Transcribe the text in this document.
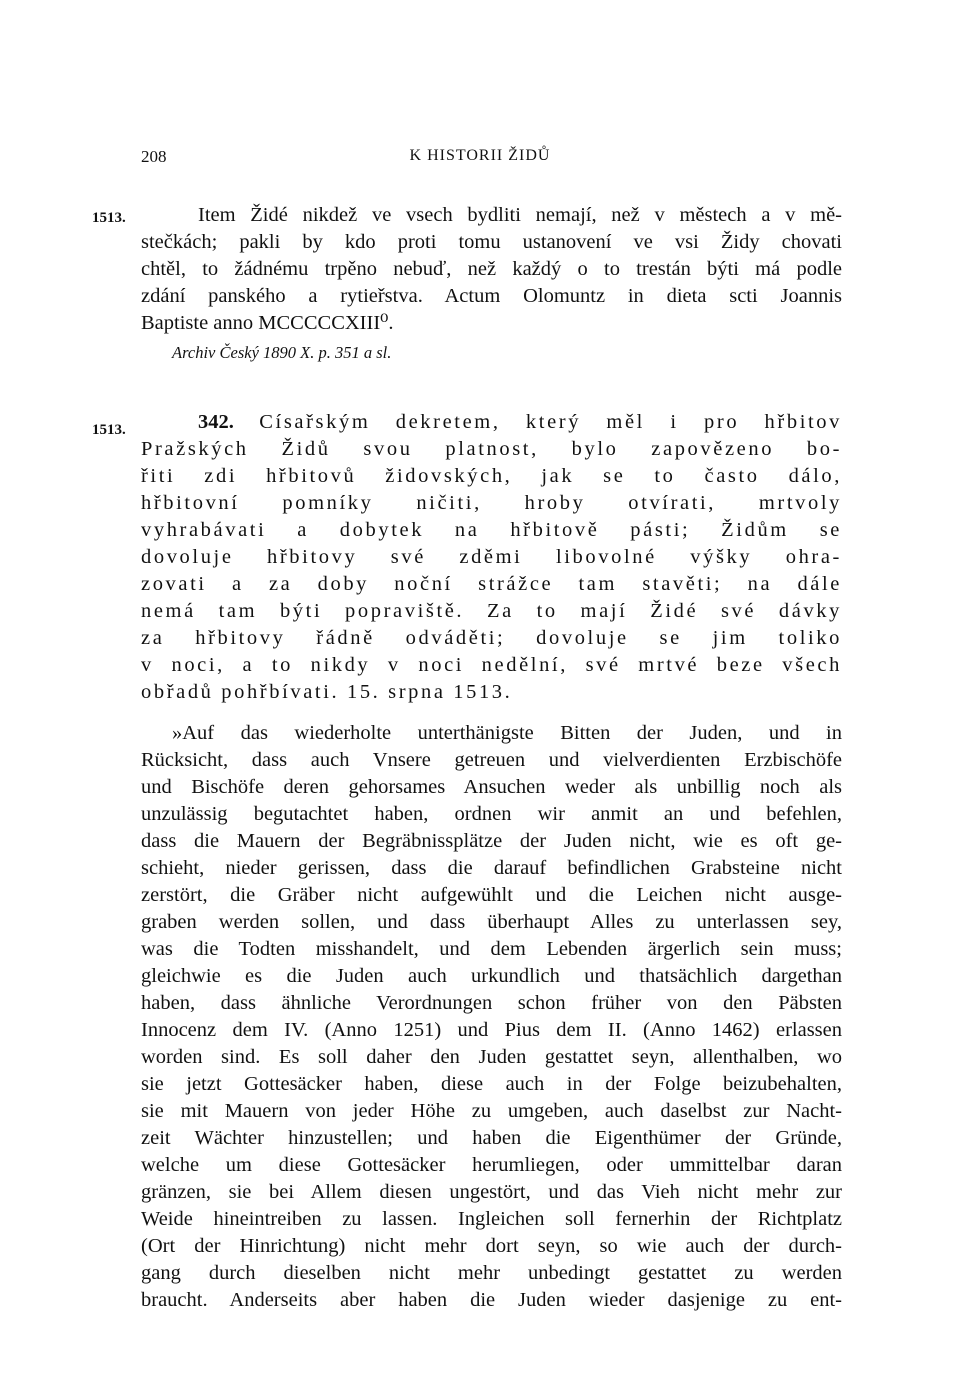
208	K HISTORII ŽIDŮ
1513.	Item Židé nikdež ve vsech bydliti nemají, než v městech a v mě-
stečkách; pakli by kdo proti tomu ustanovení ve vsi Židy chovati
chtěl, to žádnému trpěno nebuď, než každý o to trestán býti má podle
zdání panského a rytieřstva. Actum Olomuntz in dieta scti Joannis
Baptiste anno MCCCCCXIII⁰.
Archiv Český 1890 X. p. 351 a sl.
1513.	342. Císařským dekretem, který měl i pro hřbitov
Pražských Židů svou platnost, bylo zapovězeno bo-
řiti zdi hřbitovů židovských, jak se to často dálo,
hřbitovní pomníky ničiti, hroby otvírati, mrtvoly
vyhrabávati a dobytek na hřbitově pásti; Židům se
dovoluje hřbitovy své zděmi libovolné výšky ohra-
zovati a za doby noční strážce tam stavěti; na dále
nemá tam býti popraviště. Za to mají Židé své dávky
za hřbitovy řádně odváděti; dovoluje se jim toliko
v noci, a to nikdy v noci nedělní, své mrtvé beze všech
obřadů pohřbívati. 15. srpna 1513.
»Auf das wiederholte unterthänigste Bitten der Juden, und in
Rücksicht, dass auch Vnsere getreuen und vielverdienten Erzbischöfe
und Bischöfe deren gehorsames Ansuchen weder als unbillig noch als
unzulässig begutachtet haben, ordnen wir anmit an und befehlen,
dass die Mauern der Begräbnissplätze der Juden nicht, wie es oft ge-
schieht, nieder gerissen, dass die darauf befindlichen Grabsteine nicht
zerstört, die Gräber nicht aufgewühlt und die Leichen nicht ausge-
graben werden sollen, und dass überhaupt Alles zu unterlassen sey,
was die Todten misshandelt, und dem Lebenden ärgerlich sein muss;
gleichwie es die Juden auch urkundlich und thatsächlich dargethan
haben, dass ähnliche Verordnungen schon früher von den Päbsten
Innocenz dem IV. (Anno 1251) und Pius dem II. (Anno 1462) erlassen
worden sind. Es soll daher den Juden gestattet seyn, allenthalben, wo
sie jetzt Gottesäcker haben, diese auch in der Folge beizubehalten,
sie mit Mauern von jeder Höhe zu umgeben, auch daselbst zur Nacht-
zeit Wächter hinzustellen; und haben die Eigenthümer der Gründe,
welche um diese Gottesäcker herumliegen, oder ummittelbar daran
gränzen, sie bei Allem diesen ungestört, und das Vieh nicht mehr zur
Weide hineintreiben zu lassen. Ingleichen soll fernerhin der Richtplatz
(Ort der Hinrichtung) nicht mehr dort seyn, so wie auch der durch-
gang durch dieselben nicht mehr unbedingt gestattet zu werden
braucht. Anderseits aber haben die Juden wieder dasjenige zu ent-
